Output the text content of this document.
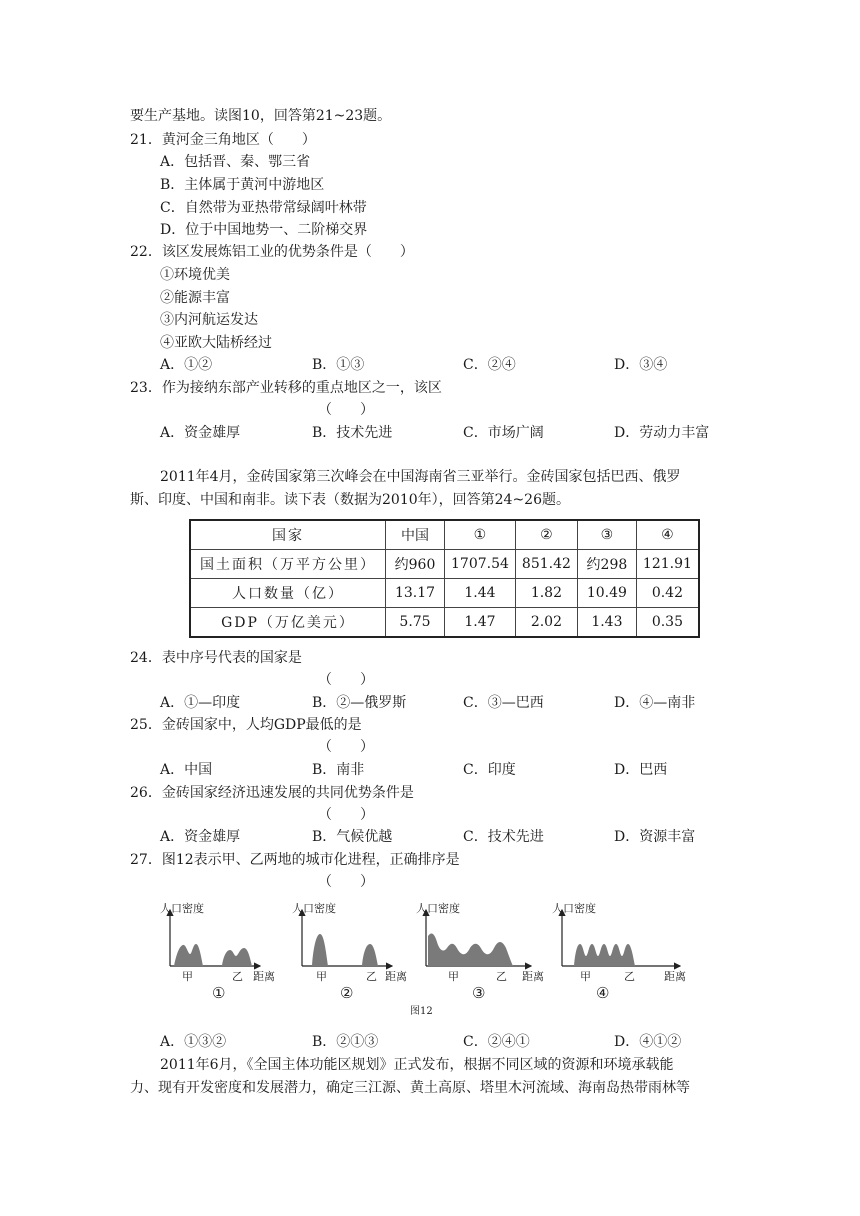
要生产基地。读图10，回答第21~23题。
21．黄河金三角地区（　　）
A．包括晋、秦、鄂三省
B．主体属于黄河中游地区
C．自然带为亚热带常绿阔叶林带
D．位于中国地势一、二阶梯交界
22．该区发展炼铝工业的优势条件是（　　）
①环境优美
②能源丰富
③内河航运发达
④亚欧大陆桥经过
A．①②	B．①③	C．②④	D．③④
23．作为接纳东部产业转移的重点地区之一，该区
（　　）
A．资金雄厚	B．技术先进	C．市场广阔	D．劳动力丰富
2011年4月，金砖国家第三次峰会在中国海南省三亚举行。金砖国家包括巴西、俄罗
斯、印度、中国和南非。读下表（数据为2010年），回答第24~26题。
国家	中国	①	②	③	④
国土面积（万平方公里）	约960	1707.54	851.42	约298	121.91
人口数量（亿）	13.17	1.44	1.82	10.49	0.42
GDP（万亿美元）	5.75	1.47	2.02	1.43	0.35
24．表中序号代表的国家是
（　　）
A．①—印度	B．②—俄罗斯	C．③—巴西	D．④—南非
25．金砖国家中，人均GDP最低的是
（　　）
A．中国	B．南非	C．印度	D．巴西
26．金砖国家经济迅速发展的共同优势条件是
（　　）
A．资金雄厚	B．气候优越	C．技术先进	D．资源丰富
27．图12表示甲、乙两地的城市化进程，正确排序是
（　　）
人口密度
甲	乙 距离
①
人口密度
甲	乙 距离
②
人口密度
甲	乙 距离
③
人口密度
甲	乙	距离
④
图12
A．①③②	B．②①③	C．②④①	D．④①②
2011年6月，《全国主体功能区规划》正式发布，根据不同区域的资源和环境承载能
力、现有开发密度和发展潜力，确定三江源、黄土高原、塔里木河流域、海南岛热带雨林等
